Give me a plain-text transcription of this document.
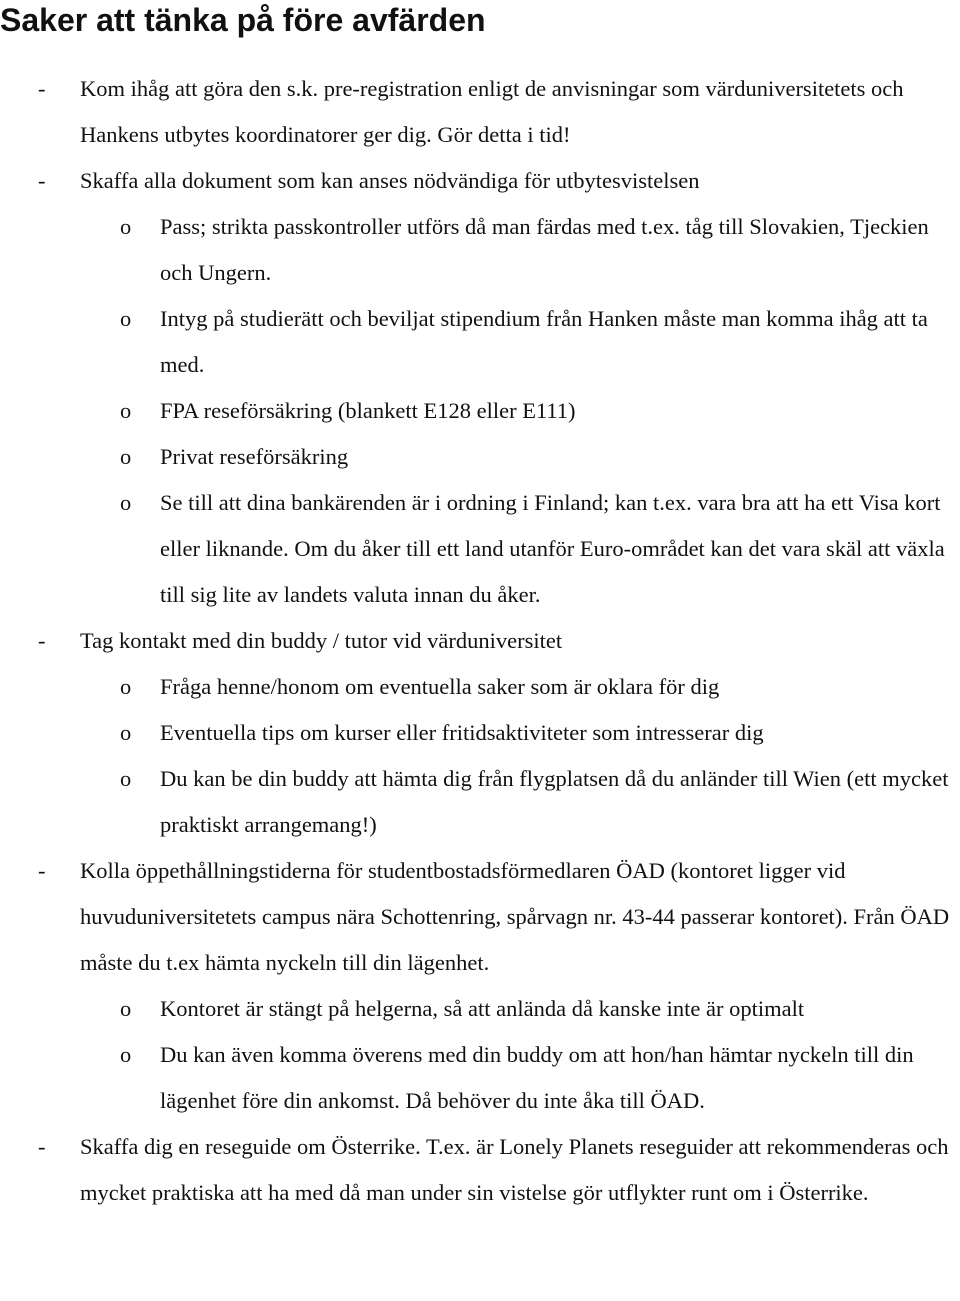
Saker att tänka på före avfärden
- Kom ihåg att göra den s.k. pre-registration enligt de anvisningar som värduniversitetets och Hankens utbytes koordinatorer ger dig. Gör detta i tid!
- Skaffa alla dokument som kan anses nödvändiga för utbytesvistelsen
o Pass; strikta passkontroller utförs då man färdas med t.ex. tåg till Slovakien, Tjeckien och Ungern.
o Intyg på studierätt och beviljat stipendium från Hanken måste man komma ihåg att ta med.
o FPA reseförsäkring (blankett E128 eller E111)
o Privat reseförsäkring
o Se till att dina bankärenden är i ordning i Finland; kan t.ex. vara bra att ha ett Visa kort eller liknande. Om du åker till ett land utanför Euro-området kan det vara skäl att växla till sig lite av landets valuta innan du åker.
- Tag kontakt med din buddy / tutor vid värduniversitet
o Fråga henne/honom om eventuella saker som är oklara för dig
o Eventuella tips om kurser eller fritidsaktiviteter som intresserar dig
o Du kan be din buddy att hämta dig från flygplatsen då du anländer till Wien (ett mycket praktiskt arrangemang!)
- Kolla öppethållningstiderna för studentbostadsförmedlaren ÖAD (kontoret ligger vid huvuduniversitetets campus nära Schottenring, spårvagn nr. 43-44 passerar kontoret). Från ÖAD måste du t.ex hämta nyckeln till din lägenhet.
o Kontoret är stängt på helgerna, så att anlända då kanske inte är optimalt
o Du kan även komma överens med din buddy om att hon/han hämtar nyckeln till din lägenhet före din ankomst. Då behöver du inte åka till ÖAD.
- Skaffa dig en reseguide om Österrike. T.ex. är Lonely Planets reseguider att rekommenderas och mycket praktiska att ha med då man under sin vistelse gör utflykter runt om i Österrike.
